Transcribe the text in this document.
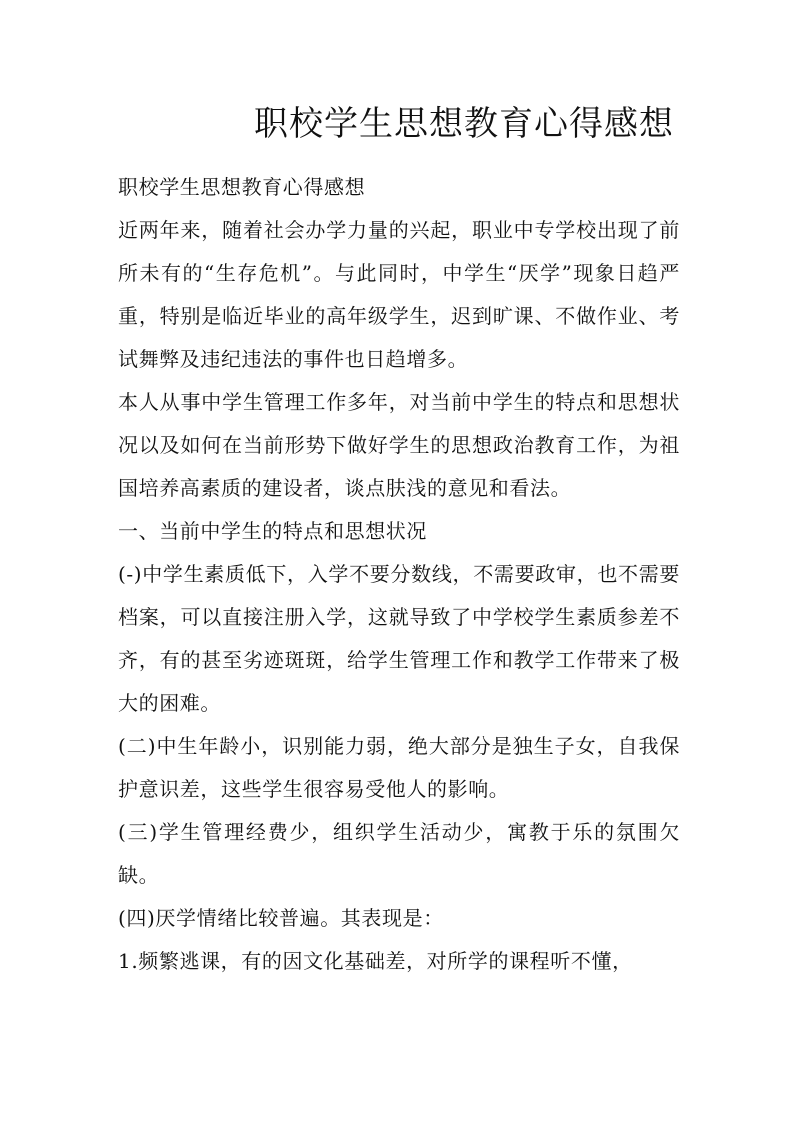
职校学生思想教育心得感想

职校学生思想教育心得感想

近两年来，随着社会办学力量的兴起，职业中专学校出现了前所未有的“生存危机”。与此同时，中学生“厌学”现象日趋严重，特别是临近毕业的高年级学生，迟到旷课、不做作业、考试舞弊及违纪违法的事件也日趋增多。

本人从事中学生管理工作多年，对当前中学生的特点和思想状况以及如何在当前形势下做好学生的思想政治教育工作，为祖国培养高素质的建设者，谈点肤浅的意见和看法。

一、当前中学生的特点和思想状况

(-)中学生素质低下，入学不要分数线，不需要政审，也不需要档案，可以直接注册入学，这就导致了中学校学生素质参差不齐，有的甚至劣迹斑斑，给学生管理工作和教学工作带来了极大的困难。

(二)中生年龄小，识别能力弱，绝大部分是独生子女，自我保护意识差，这些学生很容易受他人的影响。

(三)学生管理经费少，组织学生活动少，寓教于乐的氛围欠缺。

(四)厌学情绪比较普遍。其表现是：

1.频繁逃课，有的因文化基础差，对所学的课程听不懂，
